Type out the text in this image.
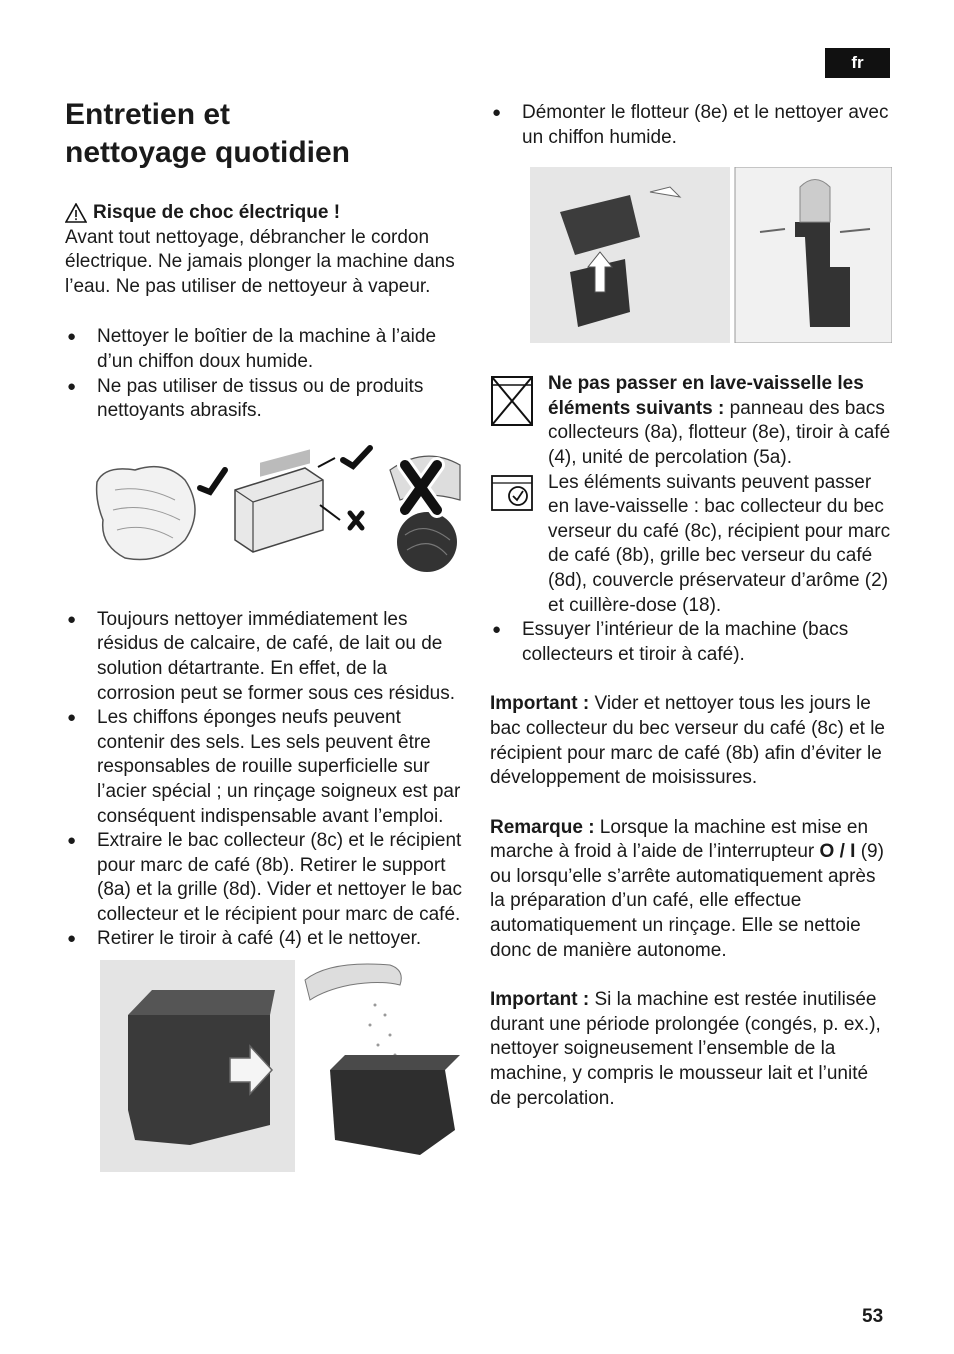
fr
Entretien et
nettoyage quotidien
Risque de choc électrique !

Avant tout nettoyage, débrancher le cordon électrique. Ne jamais plonger la machine dans l’eau. Ne pas utiliser de nettoyeur à vapeur.

● Nettoyer le boîtier de la machine à l’aide d’un chiffon doux humide.
● Ne pas utiliser de tissus ou de produits nettoyants abrasifs.
● Toujours nettoyer immédiatement les résidus de calcaire, de café, de lait ou de solution détartrante. En effet, de la corrosion peut se former sous ces résidus.
● Les chiffons éponges neufs peuvent contenir des sels. Les sels peuvent être responsables de rouille superficielle sur l’acier spécial ; un rinçage soigneux est par conséquent indispensable avant l’emploi.
● Extraire le bac collecteur (8c) et le récipient pour marc de café (8b). Retirer le support (8a) et la grille (8d). Vider et nettoyer le bac collecteur et le récipient pour marc de café.
● Retirer le tiroir à café (4) et le nettoyer.
● Démonter le flotteur (8e) et le nettoyer avec un chiffon humide.

Ne pas passer en lave-vaisselle les éléments suivants : panneau des bacs collecteurs (8a), flotteur (8e), tiroir à café (4), unité de percolation (5a).

Les éléments suivants peuvent passer en lave-vaisselle : bac collecteur du bec verseur du café (8c), récipient pour marc de café (8b), grille bec verseur du café (8d), couvercle préservateur d’arôme (2) et cuillère-dose (18).

● Essuyer l’intérieur de la machine (bacs collecteurs et tiroir à café).

Important : Vider et nettoyer tous les jours le bac collecteur du bec verseur du café (8c) et le récipient pour marc de café (8b) afin d’éviter le développement de moisissures.

Remarque : Lorsque la machine est mise en marche à froid à l’aide de l’interrupteur O / I (9) ou lorsqu’elle s’arrête automatiquement après la préparation d’un café, elle effectue automatiquement un rinçage. Elle se nettoie donc de manière autonome.

Important : Si la machine est restée inutilisée durant une période prolongée (congés, p. ex.), nettoyer soigneusement l’ensemble de la machine, y compris le mousseur lait et l’unité de percolation.

53
